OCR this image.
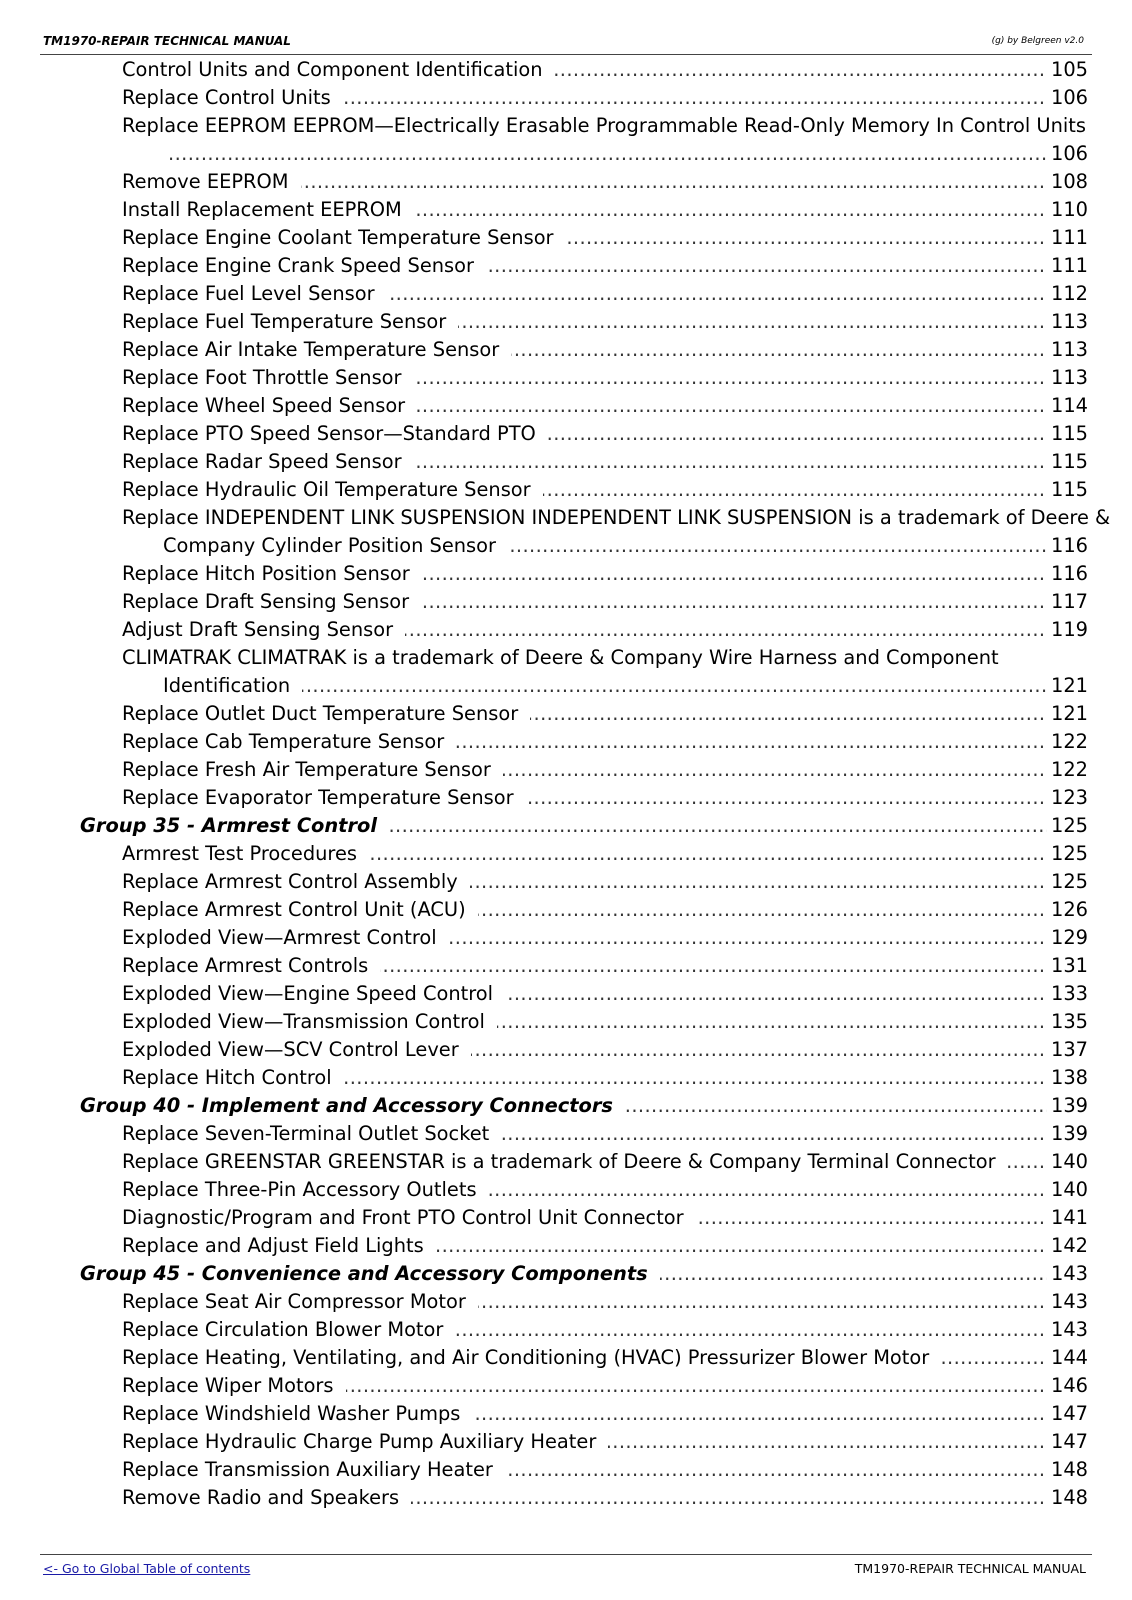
TM1970-REPAIR TECHNICAL MANUAL	(g) by Belgreen v2.0
.....
Control Units and Component Identification	105
.....
Replace Control Units	106
Replace EEPROM EEPROM—Electrically Erasable Programmable Read-Only Memory In Control Units
.....
106
.....
Remove EEPROM	108
.....
Install Replacement EEPROM	110
.....
Replace Engine Coolant Temperature Sensor	111
.....
Replace Engine Crank Speed Sensor	111
.....
Replace Fuel Level Sensor	112
.....
Replace Fuel Temperature Sensor	113
.....
Replace Air Intake Temperature Sensor	113
.....
Replace Foot Throttle Sensor	113
.....
Replace Wheel Speed Sensor	114
.....
Replace PTO Speed Sensor—Standard PTO	115
.....
Replace Radar Speed Sensor	115
.....
Replace Hydraulic Oil Temperature Sensor	115
Replace INDEPENDENT LINK SUSPENSION INDEPENDENT LINK SUSPENSION is a trademark of Deere &
.....
Company Cylinder Position Sensor	116
.....
Replace Hitch Position Sensor	116
.....
Replace Draft Sensing Sensor	117
.....
Adjust Draft Sensing Sensor	119
CLIMATRAK CLIMATRAK is a trademark of Deere & Company Wire Harness and Component
.....
Identification	121
.....
Replace Outlet Duct Temperature Sensor	121
.....
Replace Cab Temperature Sensor	122
.....
Replace Fresh Air Temperature Sensor	122
.....
Replace Evaporator Temperature Sensor	123
.....
Group 35 - Armrest Control	125
.....
Armrest Test Procedures	125
.....
Replace Armrest Control Assembly	125
.....
Replace Armrest Control Unit (ACU)	126
.....
Exploded View—Armrest Control	129
.....
Replace Armrest Controls	131
.....
Exploded View—Engine Speed Control	133
.....
Exploded View—Transmission Control	135
.....
Exploded View—SCV Control Lever	137
.....
Replace Hitch Control	138
.....
Group 40 - Implement and Accessory Connectors	139
.....
Replace Seven-Terminal Outlet Socket	139
.....
Replace GREENSTAR GREENSTAR is a trademark of Deere & Company Terminal Connector	140
.....
Replace Three-Pin Accessory Outlets	140
.....
Diagnostic/Program and Front PTO Control Unit Connector	141
.....
Replace and Adjust Field Lights	142
.....
Group 45 - Convenience and Accessory Components	143
.....
Replace Seat Air Compressor Motor	143
.....
Replace Circulation Blower Motor	143
.....
Replace Heating, Ventilating, and Air Conditioning (HVAC) Pressurizer Blower Motor	144
.....
Replace Wiper Motors	146
.....
Replace Windshield Washer Pumps	147
.....
Replace Hydraulic Charge Pump Auxiliary Heater	147
.....
Replace Transmission Auxiliary Heater	148
.....
Remove Radio and Speakers	148
<- Go to Global Table of contents	TM1970-REPAIR TECHNICAL MANUAL
